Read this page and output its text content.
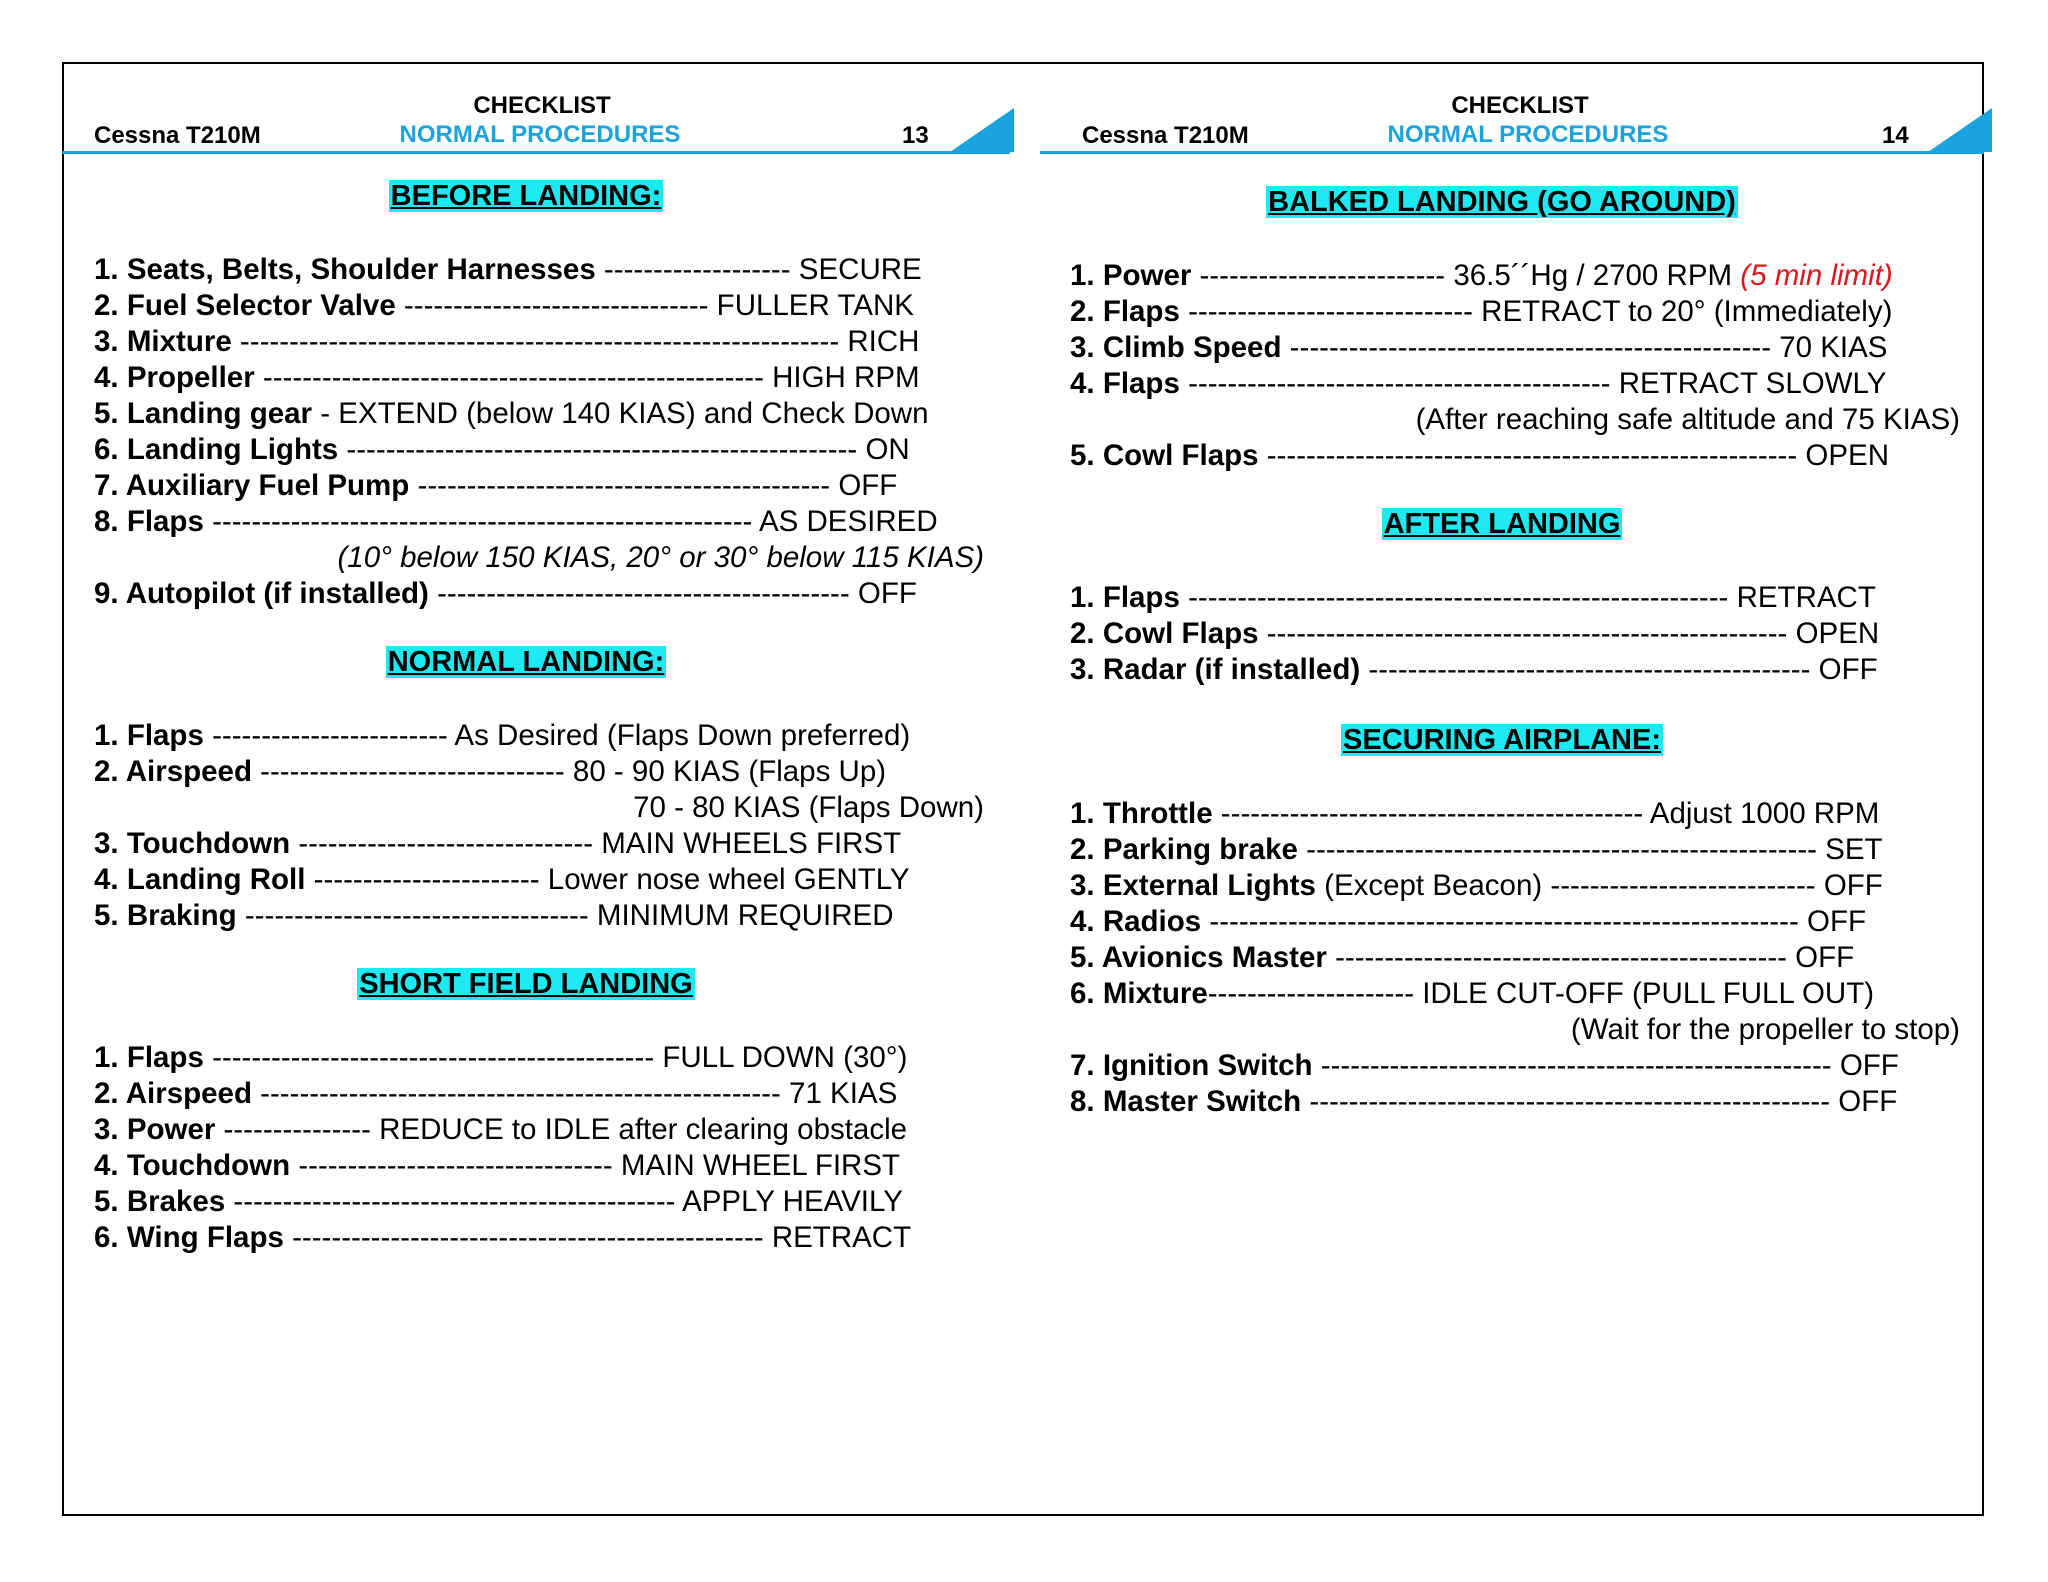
CHECKLIST
Cessna T210M	NORMAL PROCEDURES	13
BEFORE LANDING:
1. Seats, Belts, Shoulder Harnesses ------------------- SECURE
2. Fuel Selector Valve ------------------------------- FULLER TANK
3. Mixture ------------------------------------------------------------- RICH
4. Propeller --------------------------------------------------- HIGH RPM
5. Landing gear - EXTEND (below 140 KIAS) and Check Down
6. Landing Lights ---------------------------------------------------- ON
7. Auxiliary Fuel Pump ------------------------------------------ OFF
8. Flaps ------------------------------------------------------- AS DESIRED
(10° below 150 KIAS, 20° or 30° below 115 KIAS)
9. Autopilot (if installed) ------------------------------------------ OFF
NORMAL LANDING:
1. Flaps ------------------------ As Desired (Flaps Down preferred)
2. Airspeed ------------------------------- 80 - 90 KIAS (Flaps Up)
70 - 80 KIAS (Flaps Down)
3. Touchdown ------------------------------ MAIN WHEELS FIRST
4. Landing Roll ----------------------- Lower nose wheel GENTLY
5. Braking ----------------------------------- MINIMUM REQUIRED
SHORT FIELD LANDING
1. Flaps --------------------------------------------- FULL DOWN (30°)
2. Airspeed ----------------------------------------------------- 71 KIAS
3. Power --------------- REDUCE to IDLE after clearing obstacle
4. Touchdown -------------------------------- MAIN WHEEL FIRST
5. Brakes --------------------------------------------- APPLY HEAVILY
6. Wing Flaps ------------------------------------------------ RETRACT
CHECKLIST
Cessna T210M	NORMAL PROCEDURES	14
BALKED LANDING (GO AROUND)
1. Power ------------------------- 36.5´´Hg / 2700 RPM (5 min limit)
2. Flaps ----------------------------- RETRACT to 20° (Immediately)
3. Climb Speed ------------------------------------------------- 70 KIAS
4. Flaps ------------------------------------------- RETRACT SLOWLY
(After reaching safe altitude and 75 KIAS)
5. Cowl Flaps ------------------------------------------------------ OPEN
AFTER LANDING
1. Flaps ------------------------------------------------------- RETRACT
2. Cowl Flaps ----------------------------------------------------- OPEN
3. Radar (if installed) --------------------------------------------- OFF
SECURING AIRPLANE:
1. Throttle ------------------------------------------- Adjust 1000 RPM
2. Parking brake ---------------------------------------------------- SET
3. External Lights (Except Beacon) --------------------------- OFF
4. Radios ------------------------------------------------------------ OFF
5. Avionics Master ---------------------------------------------- OFF
6. Mixture--------------------- IDLE CUT-OFF (PULL FULL OUT)
(Wait for the propeller to stop)
7. Ignition Switch ---------------------------------------------------- OFF
8. Master Switch ----------------------------------------------------- OFF
